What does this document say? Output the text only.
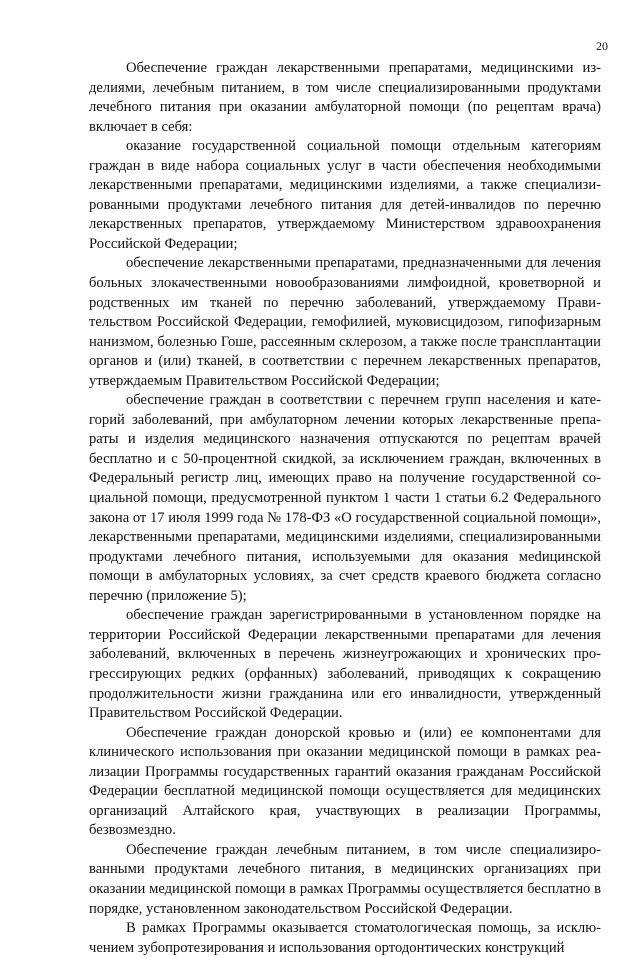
20

Обеспечение граждан лекарственными препаратами, медицинскими изделиями, лечебным питанием, в том числе специализированными продуктами лечебного питания при оказании амбулаторной помощи (по рецептам врача) включает в себя:

оказание государственной социальной помощи отдельным категориям граждан в виде набора социальных услуг в части обеспечения необходимыми лекарственными препаратами, медицинскими изделиями, а также специализированными продуктами лечебного питания для детей-инвалидов по перечню лекарственных препаратов, утверждаемому Министерством здравоохранения Российской Федерации;

обеспечение лекарственными препаратами, предназначенными для лечения больных злокачественными новообразованиями лимфоидной, кроветворной и родственных им тканей по перечню заболеваний, утверждаемому Правительством Российской Федерации, гемофилией, муковисцидозом, гипофизарным нанизмом, болезнью Гоше, рассеянным склерозом, а также после трансплантации органов и (или) тканей, в соответствии с перечнем лекарственных препаратов, утверждаемым Правительством Российской Федерации;

обеспечение граждан в соответствии с перечнем групп населения и категорий заболеваний, при амбулаторном лечении которых лекарственные препараты и изделия медицинского назначения отпускаются по рецептам врачей бесплатно и с 50-процентной скидкой, за исключением граждан, включенных в Федеральный регистр лиц, имеющих право на получение государственной социальной помощи, предусмотренной пунктом 1 части 1 статьи 6.2 Федерального закона от 17 июля 1999 года № 178-ФЗ «О государственной социальной помощи», лекарственными препаратами, медицинскими изделиями, специализированными продуктами лечебного питания, используемыми для оказания меdицинской помощи в амбулаторных условиях, за счет средств краевого бюджета согласно перечню (приложение 5);

обеспечение граждан зарегистрированными в установленном порядке на территории Российской Федерации лекарственными препаратами для лечения заболеваний, включенных в перечень жизнеугрожающих и хронических прогрессирующих редких (орфанных) заболеваний, приводящих к сокращению продолжительности жизни гражданина или его инвалидности, утвержденный Правительством Российской Федерации.

Обеспечение граждан донорской кровью и (или) ее компонентами для клинического использования при оказании медицинской помощи в рамках реализации Программы государственных гарантий оказания гражданам Российской Федерации бесплатной медицинской помощи осуществляется для медицинских организаций Алтайского края, участвующих в реализации Программы, безвозмездно.

Обеспечение граждан лечебным питанием, в том числе специализированными продуктами лечебного питания, в медицинских организациях при оказании медицинской помощи в рамках Программы осуществляется бесплатно в порядке, установленном законодательством Российской Федерации.

В рамках Программы оказывается стоматологическая помощь, за исключением зубопротезирования и использования ортодонтических конструкций
